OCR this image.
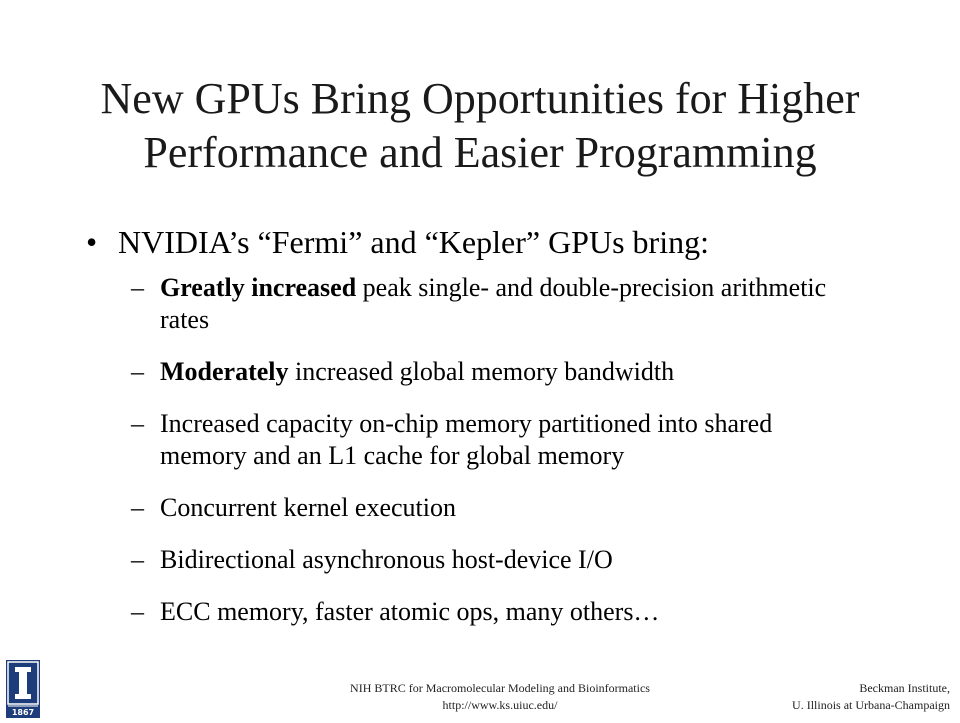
New GPUs Bring Opportunities for Higher
Performance and Easier Programming
• NVIDIA’s “Fermi” and “Kepler” GPUs bring:
– Greatly increased peak single- and double-precision arithmetic rates
– Moderately increased global memory bandwidth
– Increased capacity on-chip memory partitioned into shared memory and an L1 cache for global memory
– Concurrent kernel execution
– Bidirectional asynchronous host-device I/O
– ECC memory, faster atomic ops, many others…
1867
NIH BTRC for Macromolecular Modeling and Bioinformatics
http://www.ks.uiuc.edu/
Beckman Institute,
U. Illinois at Urbana-Champaign
